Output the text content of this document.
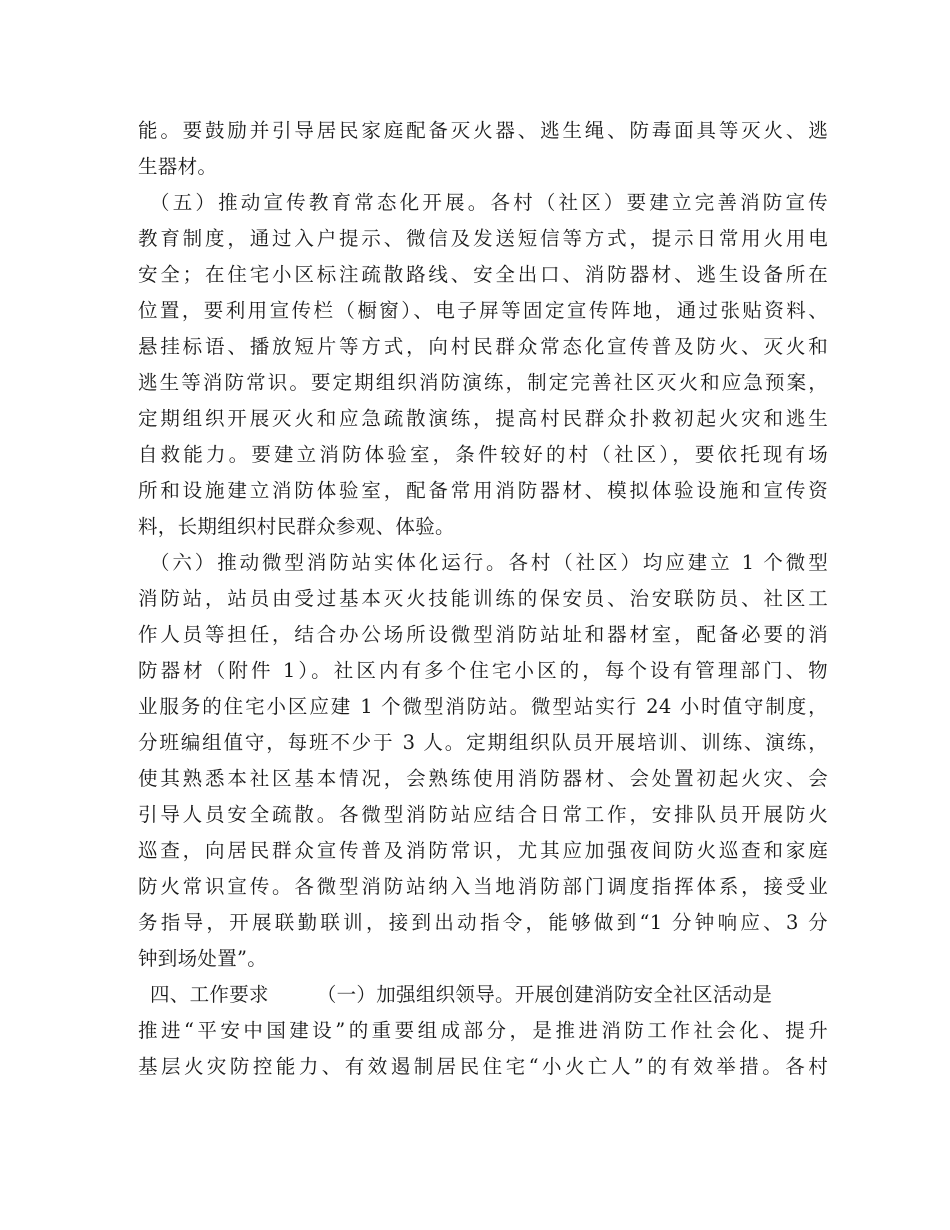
能。要鼓励并引导居民家庭配备灭火器、逃生绳、防毒面具等灭火、逃
生器材。
（五）推动宣传教育常态化开展。各村（社区）要建立完善消防宣传
教育制度，通过入户提示、微信及发送短信等方式，提示日常用火用电
安全；在住宅小区标注疏散路线、安全出口、消防器材、逃生设备所在
位置，要利用宣传栏（橱窗）、电子屏等固定宣传阵地，通过张贴资料、
悬挂标语、播放短片等方式，向村民群众常态化宣传普及防火、灭火和
逃生等消防常识。要定期组织消防演练，制定完善社区灭火和应急预案，
定期组织开展灭火和应急疏散演练，提高村民群众扑救初起火灾和逃生
自救能力。要建立消防体验室，条件较好的村（社区），要依托现有场
所和设施建立消防体验室，配备常用消防器材、模拟体验设施和宣传资
料，长期组织村民群众参观、体验。
（六）推动微型消防站实体化运行。各村（社区）均应建立 1 个微型
消防站，站员由受过基本灭火技能训练的保安员、治安联防员、社区工
作人员等担任，结合办公场所设微型消防站址和器材室，配备必要的消
防器材（附件 1）。社区内有多个住宅小区的，每个设有管理部门、物
业服务的住宅小区应建 1 个微型消防站。微型站实行 24 小时值守制度，
分班编组值守，每班不少于 3 人。定期组织队员开展培训、训练、演练，
使其熟悉本社区基本情况，会熟练使用消防器材、会处置初起火灾、会
引导人员安全疏散。各微型消防站应结合日常工作，安排队员开展防火
巡查，向居民群众宣传普及消防常识，尤其应加强夜间防火巡查和家庭
防火常识宣传。各微型消防站纳入当地消防部门调度指挥体系，接受业
务指导，开展联勤联训，接到出动指令，能够做到“1 分钟响应、3 分
钟到场处置”。
四、工作要求 （一）加强组织领导。开展创建消防安全社区活动是
推进“平安中国建设”的重要组成部分，是推进消防工作社会化、提升
基层火灾防控能力、有效遏制居民住宅“小火亡人”的有效举措。各村
